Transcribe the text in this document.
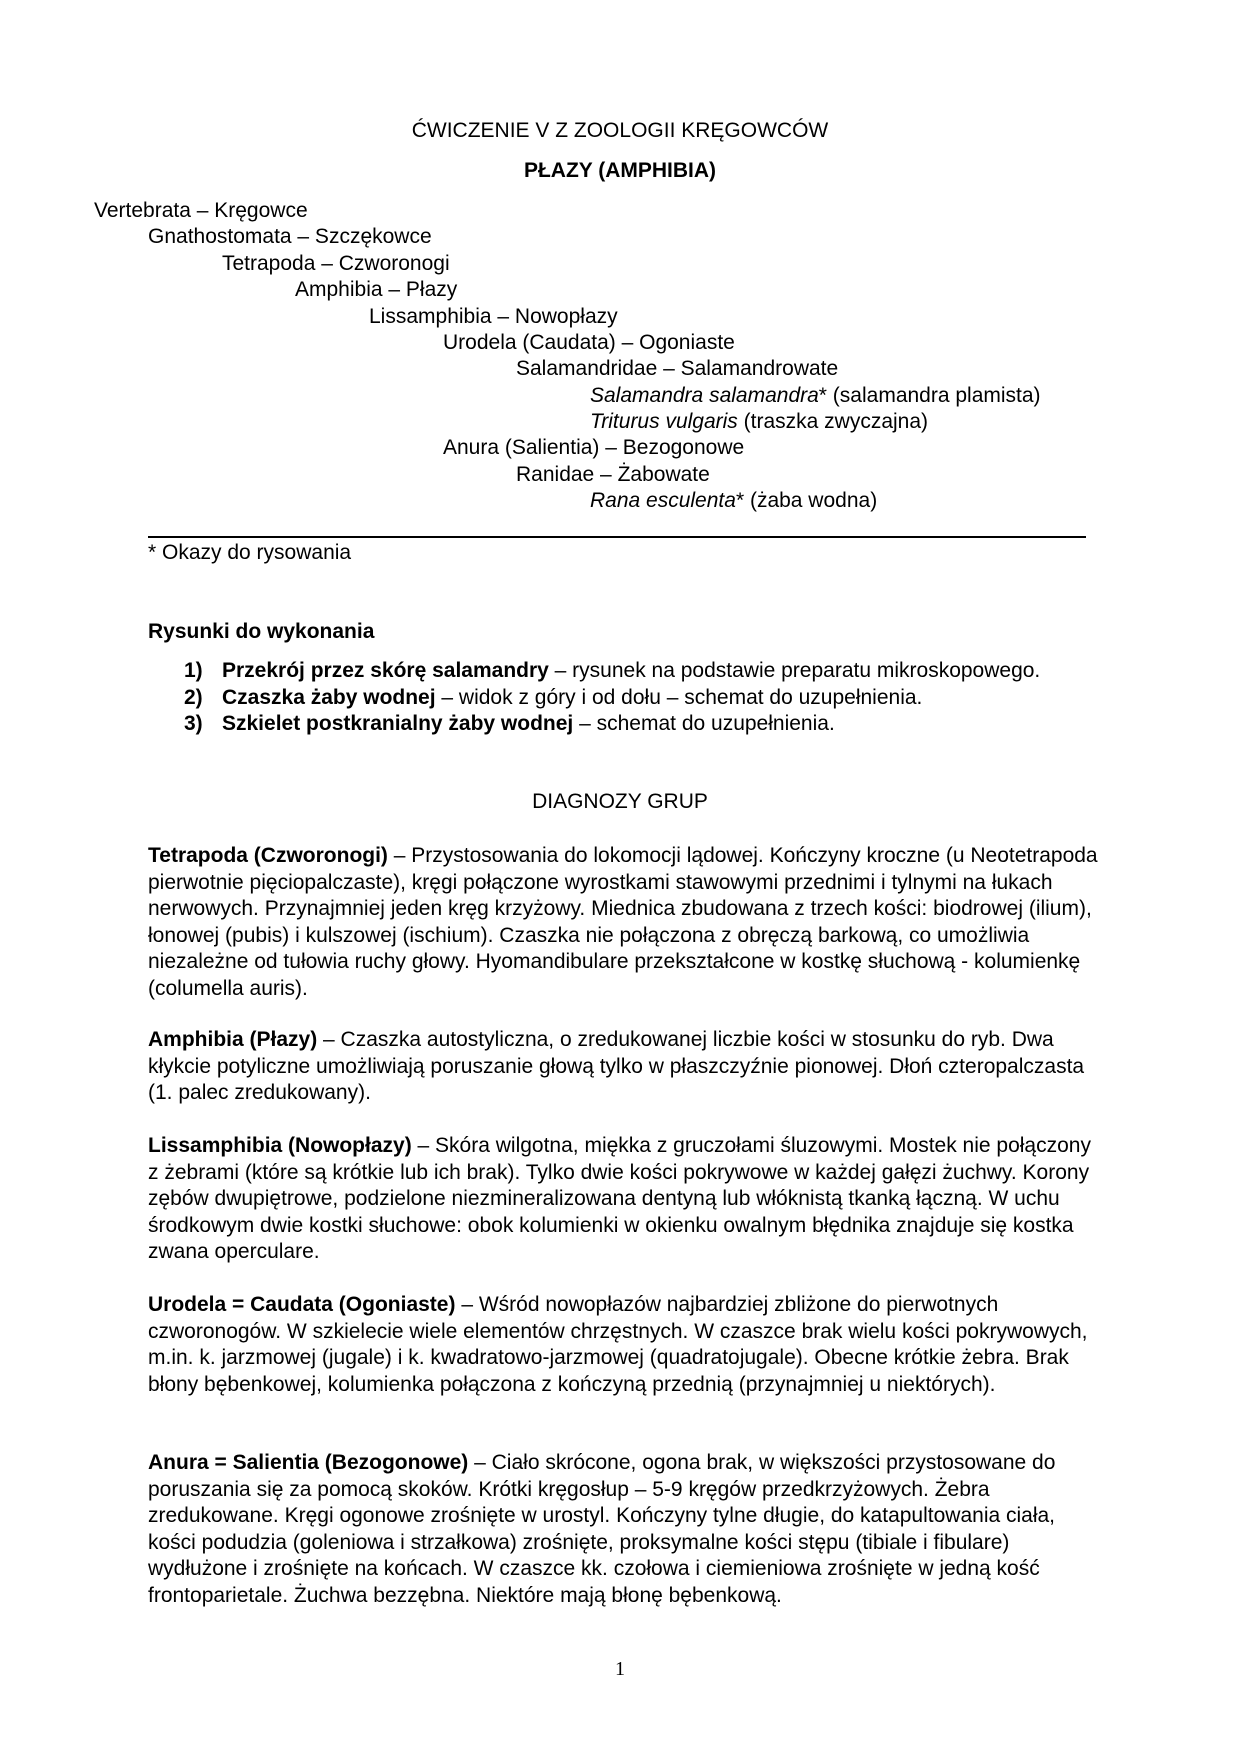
ĆWICZENIE V Z ZOOLOGII KRĘGOWCÓW
PŁAZY (AMPHIBIA)
Vertebrata – Kręgowce
Gnathostomata – Szczękowce
Tetrapoda – Czworonogi
Amphibia – Płazy
Lissamphibia – Nowopłazy
Urodela (Caudata) – Ogoniaste
Salamandridae – Salamandrowate
Salamandra salamandra* (salamandra plamista)
Triturus vulgaris (traszka zwyczajna)
Anura (Salientia) – Bezogonowe
Ranidae – Żabowate
Rana esculenta* (żaba wodna)
* Okazy do rysowania
Rysunki do wykonania
1) Przekrój przez skórę salamandry – rysunek na podstawie preparatu mikroskopowego.
2) Czaszka żaby wodnej – widok z góry i od dołu – schemat do uzupełnienia.
3) Szkielet postkranialny żaby wodnej – schemat do uzupełnienia.
DIAGNOZY GRUP
Tetrapoda (Czworonogi) – Przystosowania do lokomocji lądowej. Kończyny kroczne (u Neotetrapoda pierwotnie pięciopalczaste), kręgi połączone wyrostkami stawowymi przednimi i tylnymi na łukach nerwowych. Przynajmniej jeden kręg krzyżowy. Miednica zbudowana z trzech kości: biodrowej (ilium), łonowej (pubis) i kulszowej (ischium). Czaszka nie połączona z obręczą barkową, co umożliwia niezależne od tułowia ruchy głowy. Hyomandibulare przekształcone w kostkę słuchową - kolumienkę (columella auris).
Amphibia (Płazy) – Czaszka autostyliczna, o zredukowanej liczbie kości w stosunku do ryb. Dwa kłykcie potyliczne umożliwiają poruszanie głową tylko w płaszczyźnie pionowej. Dłoń czteropalczasta (1. palec zredukowany).
Lissamphibia (Nowopłazy) – Skóra wilgotna, miękka z gruczołami śluzowymi. Mostek nie połączony z żebrami (które są krótkie lub ich brak). Tylko dwie kości pokrywowe w każdej gałęzi żuchwy. Korony zębów dwupiętrowe, podzielone niezmineralizowana dentyną lub włóknistą tkanką łączną. W uchu środkowym dwie kostki słuchowe: obok kolumienki w okienku owalnym błędnika znajduje się kostka zwana operculare.
Urodela = Caudata (Ogoniaste) – Wśród nowopłazów najbardziej zbliżone do pierwotnych czworonogów. W szkielecie wiele elementów chrzęstnych. W czaszce brak wielu kości pokrywowych, m.in. k. jarzmowej (jugale) i k. kwadratowo-jarzmowej (quadratojugale). Obecne krótkie żebra. Brak błony bębenkowej, kolumienka połączona z kończyną przednią (przynajmniej u niektórych).
Anura = Salientia (Bezogonowe) – Ciało skrócone, ogona brak, w większości przystosowane do poruszania się za pomocą skoków. Krótki kręgosłup – 5-9 kręgów przedkrzyżowych. Żebra zredukowane. Kręgi ogonowe zrośnięte w urostyl. Kończyny tylne długie, do katapultowania ciała, kości podudzia (goleniowa i strzałkowa) zrośnięte, proksymalne kości stępu (tibiale i fibulare) wydłużone i zrośnięte na końcach. W czaszce kk. czołowa i ciemieniowa zrośnięte w jedną kość frontoparietale. Żuchwa bezzębna. Niektóre mają błonę bębenkową.
1
